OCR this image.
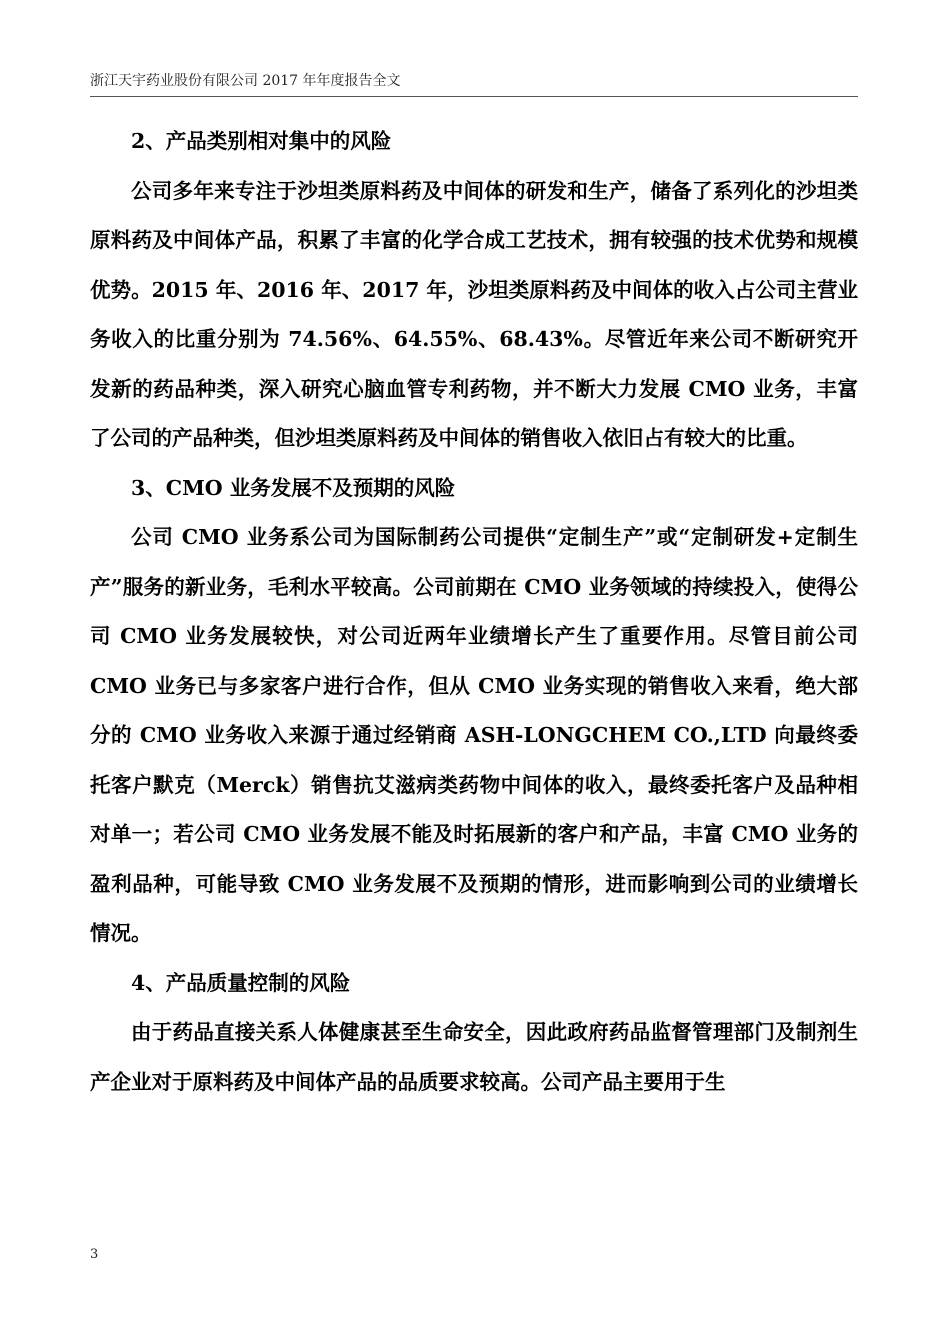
浙江天宇药业股份有限公司 2017 年年度报告全文

2、产品类别相对集中的风险

公司多年来专注于沙坦类原料药及中间体的研发和生产，储备了系列化的沙坦类原料药及中间体产品，积累了丰富的化学合成工艺技术，拥有较强的技术优势和规模优势。2015 年、2016 年、2017 年，沙坦类原料药及中间体的收入占公司主营业务收入的比重分别为 74.56%、64.55%、68.43%。尽管近年来公司不断研究开发新的药品种类，深入研究心脑血管专利药物，并不断大力发展 CMO 业务，丰富了公司的产品种类，但沙坦类原料药及中间体的销售收入依旧占有较大的比重。

3、CMO 业务发展不及预期的风险

公司 CMO 业务系公司为国际制药公司提供“定制生产”或“定制研发+定制生产”服务的新业务，毛利水平较高。公司前期在 CMO 业务领域的持续投入，使得公司 CMO 业务发展较快，对公司近两年业绩增长产生了重要作用。尽管目前公司 CMO 业务已与多家客户进行合作，但从 CMO 业务实现的销售收入来看，绝大部分的 CMO 业务收入来源于通过经销商 ASH-LONGCHEM CO.,LTD 向最终委托客户默克（Merck）销售抗艾滋病类药物中间体的收入，最终委托客户及品种相对单一；若公司 CMO 业务发展不能及时拓展新的客户和产品，丰富 CMO 业务的盈利品种，可能导致 CMO 业务发展不及预期的情形，进而影响到公司的业绩增长情况。

4、产品质量控制的风险

由于药品直接关系人体健康甚至生命安全，因此政府药品监督管理部门及制剂生产企业对于原料药及中间体产品的品质要求较高。公司产品主要用于生

3
